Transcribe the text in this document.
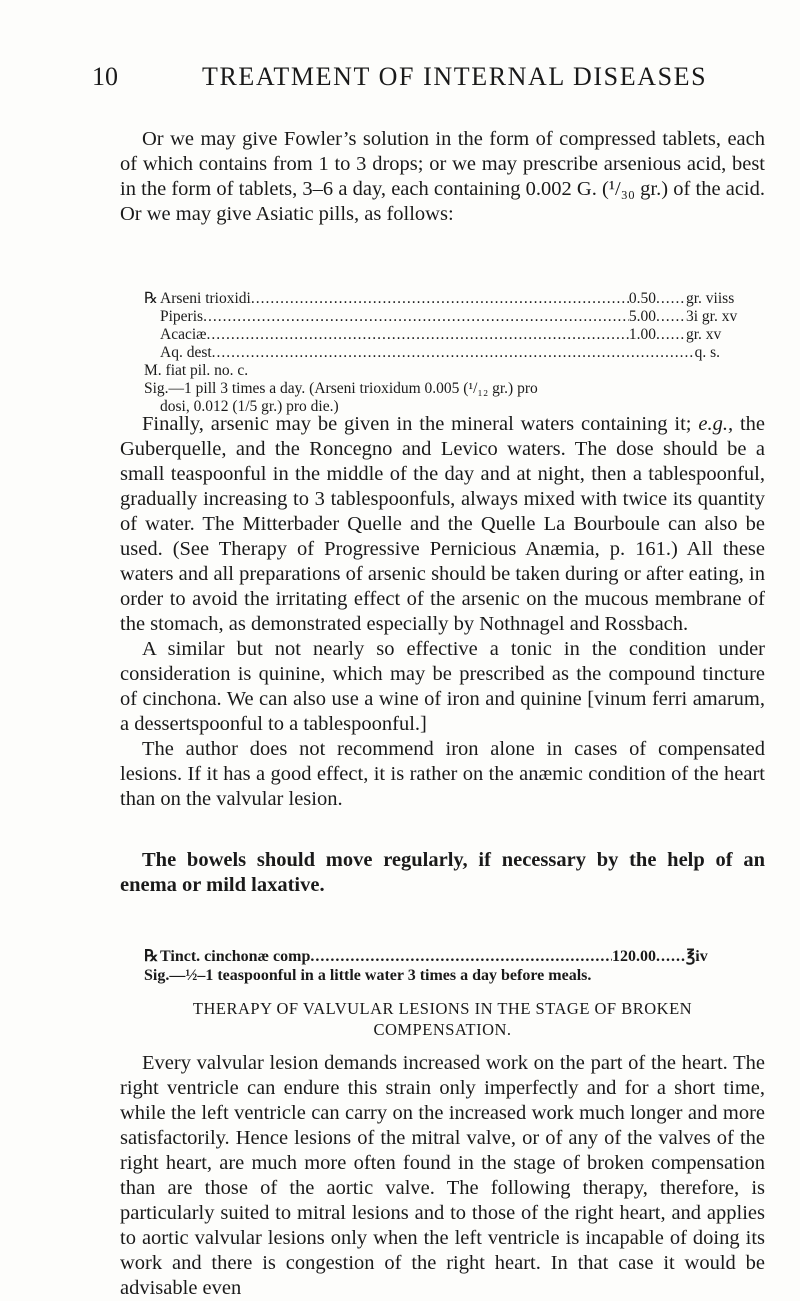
10	TREATMENT OF INTERNAL DISEASES

Or we may give Fowler’s solution in the form of compressed tablets, each of which contains from 1 to 3 drops; or we may prescribe arsenious acid, best in the form of tablets, 3–6 a day, each containing 0.002 G. (¹/₃₀ gr.) of the acid. Or we may give Asiatic pills, as follows:

℞ Arseni trioxidi .....	0.50 ..... gr. viiss
Piperis .....	5.00 ..... 3i gr. xv
Acaciæ .....	1.00 ..... gr. xv
Aq. dest .....	q. s.
M. fiat pil. no. c.
Sig.—1 pill 3 times a day. (Arseni trioxidum 0.005 (¹/₁₂ gr.) pro
dosi, 0.012 (1/5 gr.) pro die.)

Finally, arsenic may be given in the mineral waters containing it; e.g., the Guberquelle, and the Roncegno and Levico waters. The dose should be a small teaspoonful in the middle of the day and at night, then a tablespoonful, gradually increasing to 3 tablespoonfuls, always mixed with twice its quantity of water. The Mitterbader Quelle and the Quelle La Bourboule can also be used. (See Therapy of Progressive Pernicious Anæmia, p. 161.) All these waters and all preparations of arsenic should be taken during or after eating, in order to avoid the irritating effect of the arsenic on the mucous membrane of the stomach, as demonstrated especially by Nothnagel and Rossbach.

A similar but not nearly so effective a tonic in the condition under consideration is quinine, which may be prescribed as the compound tincture of cinchona. We can also use a wine of iron and quinine [vinum ferri amarum, a dessertspoonful to a tablespoonful.]

The author does not recommend iron alone in cases of compensated lesions. If it has a good effect, it is rather on the anæmic condition of the heart than on the valvular lesion.

The bowels should move regularly, if necessary by the help of an enema or mild laxative.

℞ Tinct. cinchonæ comp .....	120.00 ..... ℥iv
Sig.—½–1 teaspoonful in a little water 3 times a day before meals.
THERAPY OF VALVULAR LESIONS IN THE STAGE OF BROKEN
COMPENSATION.

Every valvular lesion demands increased work on the part of the heart. The right ventricle can endure this strain only imperfectly and for a short time, while the left ventricle can carry on the increased work much longer and more satisfactorily. Hence lesions of the mitral valve, or of any of the valves of the right heart, are much more often found in the stage of broken compensation than are those of the aortic valve. The following therapy, therefore, is particularly suited to mitral lesions and to those of the right heart, and applies to aortic valvular lesions only when the left ventricle is incapable of doing its work and there is congestion of the right heart. In that case it would be advisable even
